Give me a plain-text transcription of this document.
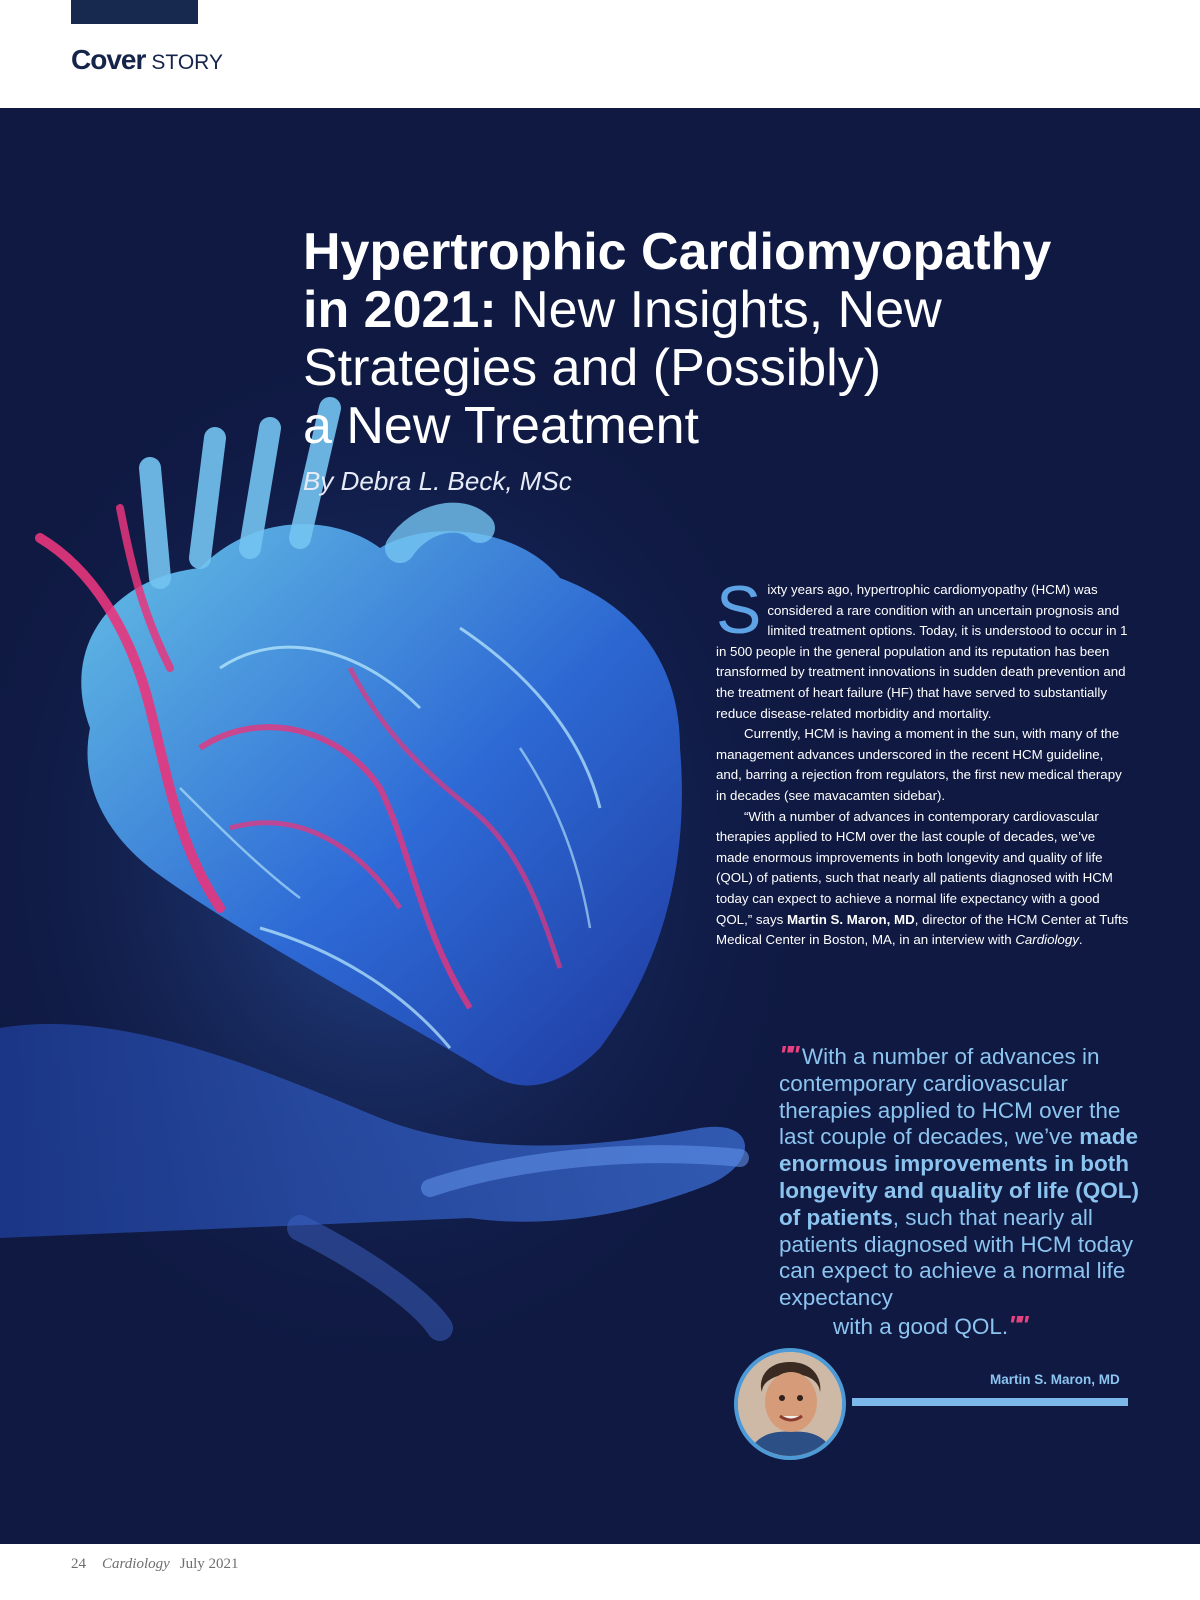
Cover STORY
Hypertrophic Cardiomyopathy
in 2021: New Insights, New
Strategies and (Possibly)
a New Treatment
By Debra L. Beck, MSc

Sixty years ago, hypertrophic cardiomyopathy (HCM) was considered a rare condition with an uncertain prognosis and limited treatment options. Today, it is understood to occur in 1 in 500 people in the general population and its reputation has been transformed by treatment innovations in sudden death prevention and the treatment of heart failure (HF) that have served to substantially reduce disease-related morbidity and mortality.

Currently, HCM is having a moment in the sun, with many of the management advances underscored in the recent HCM guideline, and, barring a rejection from regulators, the first new medical therapy in decades (see mavacamten sidebar).

“With a number of advances in contemporary cardiovascular therapies applied to HCM over the last couple of decades, we’ve made enormous improvements in both longevity and quality of life (QOL) of patients, such that nearly all patients diagnosed with HCM today can expect to achieve a normal life expectancy with a good QOL,” says Martin S. Maron, MD, director of the HCM Center at Tufts Medical Center in Boston, MA, in an interview with Cardiology.

"" With a number of advances in contemporary cardiovascular therapies applied to HCM over the last couple of decades, we’ve made enormous improvements in both longevity and quality of life (QOL) of patients, such that nearly all patients diagnosed with HCM today can expect to achieve a normal life expectancy
with a good QOL.""
Martin S. Maron, MD
24 Cardiology July 2021
